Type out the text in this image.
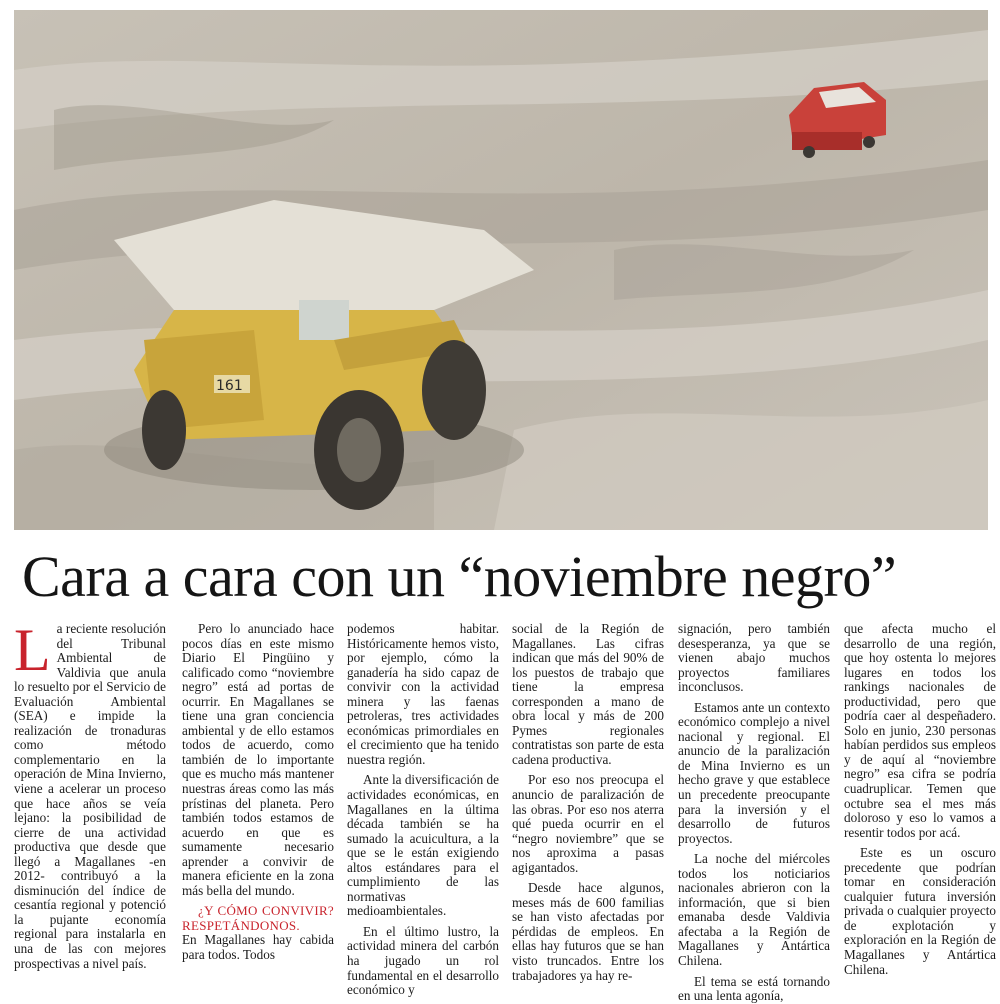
161
Cara a cara con un “noviembre negro”

La reciente resolución del Tribunal Ambiental de Valdivia que anula lo resuelto por el Servicio de Evaluación Ambiental (SEA) e impide la realización de tronaduras como método complementario en la operación de Mina Invierno, viene a acelerar un proceso que hace años se veía lejano: la posibilidad de cierre de una actividad productiva que desde que llegó a Magallanes -en 2012- contribuyó a la disminución del índice de cesantía regional y potenció la pujante economía regional para instalarla en una de las con mejores prospectivas a nivel país.

Pero lo anunciado hace pocos días en este mismo Diario El Pingüino y calificado como “noviembre negro” está ad portas de ocurrir. En Magallanes se tiene una gran conciencia ambiental y de ello estamos todos de acuerdo, como también de lo importante que es mucho más mantener nuestras áreas como las más prístinas del planeta. Pero también todos estamos de acuerdo en que es sumamente necesario aprender a convivir de manera eficiente en la zona más bella del mundo.

¿Y CÓMO CONVIVIR? RESPETÁNDONOS.

En Magallanes hay cabida para todos. Todos

podemos habitar. Históricamente hemos visto, por ejemplo, cómo la ganadería ha sido capaz de convivir con la actividad minera y las faenas petroleras, tres actividades económicas primordiales en el crecimiento que ha tenido nuestra región.

Ante la diversificación de actividades económicas, en Magallanes en la última década también se ha sumado la acuicultura, a la que se le están exigiendo altos estándares para el cumplimiento de las normativas medioambientales.

En el último lustro, la actividad minera del carbón ha jugado un rol fundamental en el desarrollo económico y

social de la Región de Magallanes. Las cifras indican que más del 90% de los puestos de trabajo que tiene la empresa corresponden a mano de obra local y más de 200 Pymes regionales contratistas son parte de esta cadena productiva.

Por eso nos preocupa el anuncio de paralización de las obras. Por eso nos aterra qué pueda ocurrir en el “negro noviembre” que se nos aproxima a pasas agigantados.

Desde hace algunos, meses más de 600 familias se han visto afectadas por pérdidas de empleos. En ellas hay futuros que se han visto truncados. Entre los trabajadores ya hay re-

signación, pero también desesperanza, ya que se vienen abajo muchos proyectos familiares inconclusos.

Estamos ante un contexto económico complejo a nivel nacional y regional. El anuncio de la paralización de Mina Invierno es un hecho grave y que establece un precedente preocupante para la inversión y el desarrollo de futuros proyectos.

La noche del miércoles todos los noticiarios nacionales abrieron con la información, que si bien emanaba desde Valdivia afectaba a la Región de Magallanes y Antártica Chilena.

El tema se está tornando en una lenta agonía,

que afecta mucho el desarrollo de una región, que hoy ostenta lo mejores lugares en todos los rankings nacionales de productividad, pero que podría caer al despeñadero. Solo en junio, 230 personas habían perdidos sus empleos y de aquí al “noviembre negro” esa cifra se podría cuadruplicar. Temen que octubre sea el mes más doloroso y eso lo vamos a resentir todos por acá.

Este es un oscuro precedente que podrían tomar en consideración cualquier futura inversión privada o cualquier proyecto de explotación y exploración en la Región de Magallanes y Antártica Chilena.
